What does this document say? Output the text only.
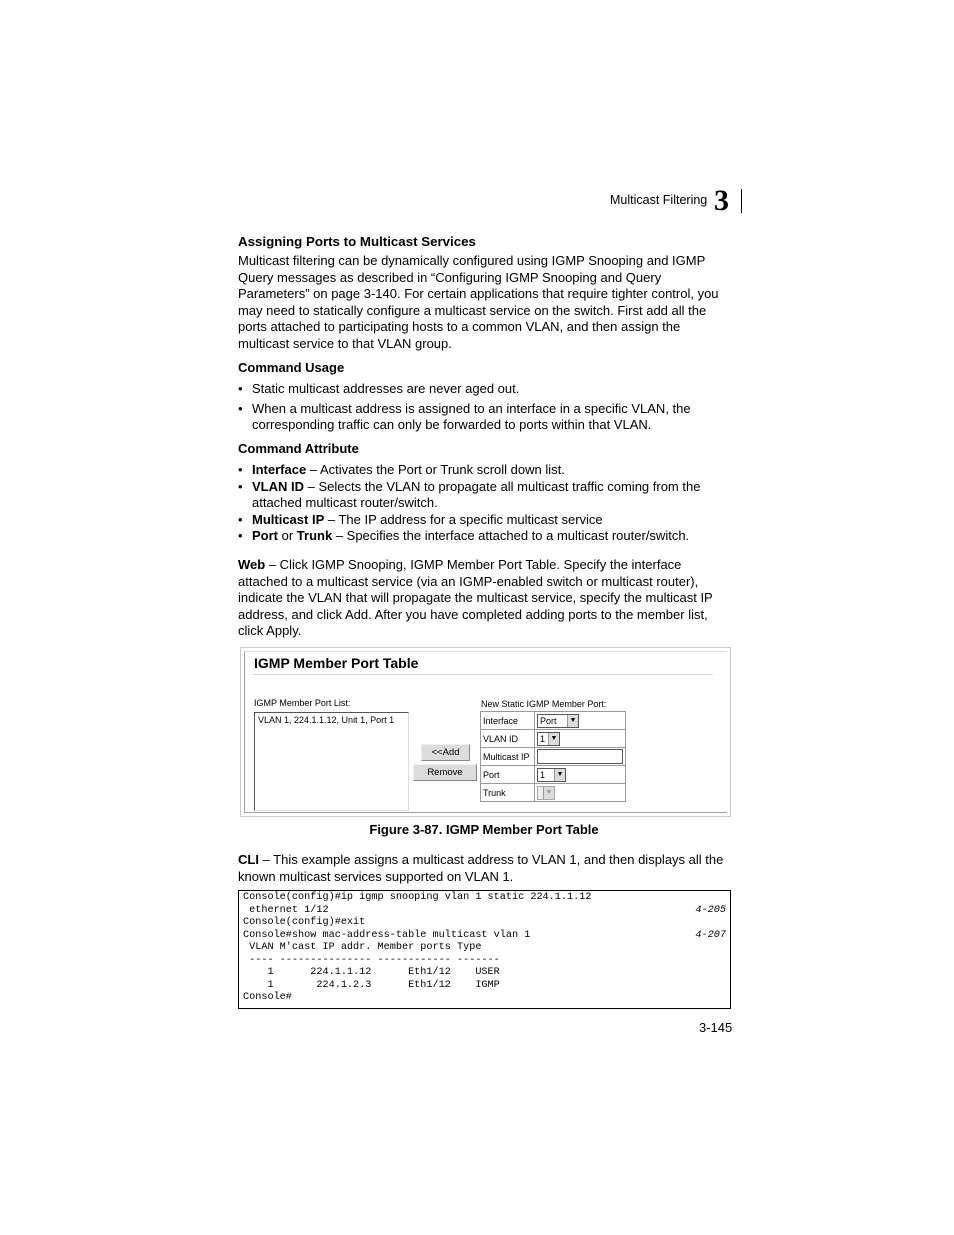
Multicast Filtering 3
Assigning Ports to Multicast Services

Multicast filtering can be dynamically configured using IGMP Snooping and IGMP Query messages as described in “Configuring IGMP Snooping and Query Parameters” on page 3-140. For certain applications that require tighter control, you may need to statically configure a multicast service on the switch. First add all the ports attached to participating hosts to a common VLAN, and then assign the multicast service to that VLAN group.

Command Usage
• Static multicast addresses are never aged out.
• When a multicast address is assigned to an interface in a specific VLAN, the corresponding traffic can only be forwarded to ports within that VLAN.
Command Attribute
• Interface – Activates the Port or Trunk scroll down list.
• VLAN ID – Selects the VLAN to propagate all multicast traffic coming from the attached multicast router/switch.
• Multicast IP – The IP address for a specific multicast service
• Port or Trunk – Specifies the interface attached to a multicast router/switch.

Web – Click IGMP Snooping, IGMP Member Port Table. Specify the interface attached to a multicast service (via an IGMP-enabled switch or multicast router), indicate the VLAN that will propagate the multicast service, specify the multicast IP address, and click Add. After you have completed adding ports to the member list, click Apply.

IGMP Member Port Table
IGMP Member Port List:
VLAN 1, 224.1.1.12, Unit 1, Port 1
<<Add
Remove
New Static IGMP Member Port:
Interface	Port ▼

VLAN ID	1 ▼

Multicast IP	
Port	1 ▼

Trunk	▼
Figure 3-87. IGMP Member Port Table

CLI – This example assigns a multicast address to VLAN 1, and then displays all the known multicast services supported on VLAN 1.

Console(config)#ip igmp snooping vlan 1 static 224.1.1.12
ethernet 1/12	4-205
Console(config)#exit
Console#show mac-address-table multicast vlan 1	4-207
VLAN M'cast IP addr. Member ports Type
---- --------------- ------------ -------
1      224.1.1.12      Eth1/12    USER
1       224.1.2.3      Eth1/12    IGMP
Console#
3-145
